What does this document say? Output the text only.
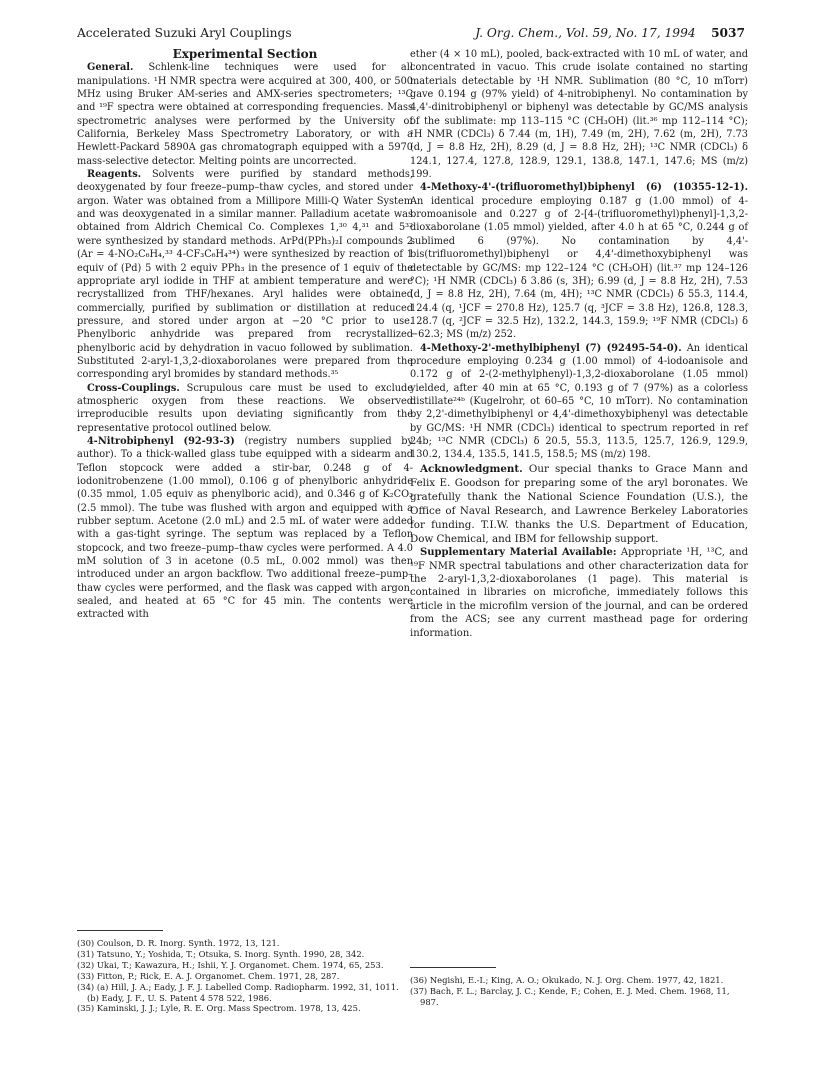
Accelerated Suzuki Aryl Couplings	J. Org. Chem., Vol. 59, No. 17, 1994 5037

Experimental Section

General. Schlenk-line techniques were used for all manipulations. ¹H NMR spectra were acquired at 300, 400, or 500 MHz using Bruker AM-series and AMX-series spectrometers; ¹³C and ¹⁹F spectra were obtained at corresponding frequencies. Mass spectrometric analyses were performed by the University of California, Berkeley Mass Spectrometry Laboratory, or with a Hewlett-Packard 5890A gas chromatograph equipped with a 5970 mass-selective detector. Melting points are uncorrected.

Reagents. Solvents were purified by standard methods, deoxygenated by four freeze–pump–thaw cycles, and stored under argon. Water was obtained from a Millipore Milli-Q Water System and was deoxygenated in a similar manner. Palladium acetate was obtained from Aldrich Chemical Co. Complexes 1,³⁰ 4,³¹ and 5³² were synthesized by standard methods. ArPd(PPh₃)₂I compounds 2 (Ar = 4-NO₂C₆H₄,³³ 4-CF₃C₆H₄³⁴) were synthesized by reaction of 1 equiv of (Pd) 5 with 2 equiv PPh₃ in the presence of 1 equiv of the appropriate aryl iodide in THF at ambient temperature and were recrystallized from THF/hexanes. Aryl halides were obtained commercially, purified by sublimation or distillation at reduced pressure, and stored under argon at −20 °C prior to use. Phenylboric anhydride was prepared from recrystallized phenylboric acid by dehydration in vacuo followed by sublimation. Substituted 2-aryl-1,3,2-dioxaborolanes were prepared from the corresponding aryl bromides by standard methods.³⁵

Cross-Couplings. Scrupulous care must be used to exclude atmospheric oxygen from these reactions. We observed irreproducible results upon deviating significantly from the representative protocol outlined below.

4-Nitrobiphenyl (92-93-3) (registry numbers supplied by author). To a thick-walled glass tube equipped with a sidearm and Teflon stopcock were added a stir-bar, 0.248 g of 4-iodonitrobenzene (1.00 mmol), 0.106 g of phenylboric anhydride (0.35 mmol, 1.05 equiv as phenylboric acid), and 0.346 g of K₂CO₃ (2.5 mmol). The tube was flushed with argon and equipped with a rubber septum. Acetone (2.0 mL) and 2.5 mL of water were added with a gas-tight syringe. The septum was replaced by a Teflon stopcock, and two freeze–pump–thaw cycles were performed. A 4.0 mM solution of 3 in acetone (0.5 mL, 0.002 mmol) was then introduced under an argon backflow. Two additional freeze–pump–thaw cycles were performed, and the flask was capped with argon, sealed, and heated at 65 °C for 45 min. The contents were extracted with

(30) Coulson, D. R. Inorg. Synth. 1972, 13, 121.
(31) Tatsuno, Y.; Yoshida, T.; Otsuka, S. Inorg. Synth. 1990, 28, 342.
(32) Ukai, T.; Kawazura, H.; Ishii, Y. J. Organomet. Chem. 1974, 65, 253.
(33) Fitton, P.; Rick, E. A. J. Organomet. Chem. 1971, 28, 287.
(34) (a) Hill, J. A.; Eady, J. F. J. Labelled Comp. Radiopharm. 1992, 31, 1011. (b) Eady, J. F., U. S. Patent 4 578 522, 1986.
(35) Kaminski, J. J.; Lyle, R. E. Org. Mass Spectrom. 1978, 13, 425.

ether (4 × 10 mL), pooled, back-extracted with 10 mL of water, and concentrated in vacuo. This crude isolate contained no starting materials detectable by ¹H NMR. Sublimation (80 °C, 10 mTorr) gave 0.194 g (97% yield) of 4-nitrobiphenyl. No contamination by 4,4'-dinitrobiphenyl or biphenyl was detectable by GC/MS analysis of the sublimate: mp 113–115 °C (CH₃OH) (lit.³⁶ mp 112–114 °C); ¹H NMR (CDCl₃) δ 7.44 (m, 1H), 7.49 (m, 2H), 7.62 (m, 2H), 7.73 (d, J = 8.8 Hz, 2H), 8.29 (d, J = 8.8 Hz, 2H); ¹³C NMR (CDCl₃) δ 124.1, 127.4, 127.8, 128.9, 129.1, 138.8, 147.1, 147.6; MS (m/z) 199.

4-Methoxy-4'-(trifluoromethyl)biphenyl (6) (10355-12-1). An identical procedure employing 0.187 g (1.00 mmol) of 4-bromoanisole and 0.227 g of 2-[4-(trifluoromethyl)phenyl]-1,3,2-dioxaborolane (1.05 mmol) yielded, after 4.0 h at 65 °C, 0.244 g of sublimed 6 (97%). No contamination by 4,4'-bis(trifluoromethyl)biphenyl or 4,4'-dimethoxybiphenyl was detectable by GC/MS: mp 122–124 °C (CH₃OH) (lit.³⁷ mp 124–126 °C); ¹H NMR (CDCl₃) δ 3.86 (s, 3H); 6.99 (d, J = 8.8 Hz, 2H), 7.53 (d, J = 8.8 Hz, 2H), 7.64 (m, 4H); ¹³C NMR (CDCl₃) δ 55.3, 114.4, 124.4 (q, ¹JCF = 270.8 Hz), 125.7 (q, ³JCF = 3.8 Hz), 126.8, 128.3, 128.7 (q, ²JCF = 32.5 Hz), 132.2, 144.3, 159.9; ¹⁹F NMR (CDCl₃) δ −62.3; MS (m/z) 252.

4-Methoxy-2'-methylbiphenyl (7) (92495-54-0). An identical procedure employing 0.234 g (1.00 mmol) of 4-iodoanisole and 0.172 g of 2-(2-methylphenyl)-1,3,2-dioxaborolane (1.05 mmol) yielded, after 40 min at 65 °C, 0.193 g of 7 (97%) as a colorless distillate²⁴ᵇ (Kugelrohr, ot 60–65 °C, 10 mTorr). No contamination by 2,2'-dimethylbiphenyl or 4,4'-dimethoxybiphenyl was detectable by GC/MS: ¹H NMR (CDCl₃) identical to spectrum reported in ref 24b; ¹³C NMR (CDCl₃) δ 20.5, 55.3, 113.5, 125.7, 126.9, 129.9, 130.2, 134.4, 135.5, 141.5, 158.5; MS (m/z) 198.

Acknowledgment. Our special thanks to Grace Mann and Felix E. Goodson for preparing some of the aryl boronates. We gratefully thank the National Science Foundation (U.S.), the Office of Naval Research, and Lawrence Berkeley Laboratories for funding. T.I.W. thanks the U.S. Department of Education, Dow Chemical, and IBM for fellowship support.

Supplementary Material Available: Appropriate ¹H, ¹³C, and ¹⁹F NMR spectral tabulations and other characterization data for the 2-aryl-1,3,2-dioxaborolanes (1 page). This material is contained in libraries on microfiche, immediately follows this article in the microfilm version of the journal, and can be ordered from the ACS; see any current masthead page for ordering information.

(36) Negishi, E.-I.; King, A. O.; Okukado, N. J. Org. Chem. 1977, 42, 1821.
(37) Bach, F. L.; Barclay, J. C.; Kende, F.; Cohen, E. J. Med. Chem. 1968, 11, 987.
